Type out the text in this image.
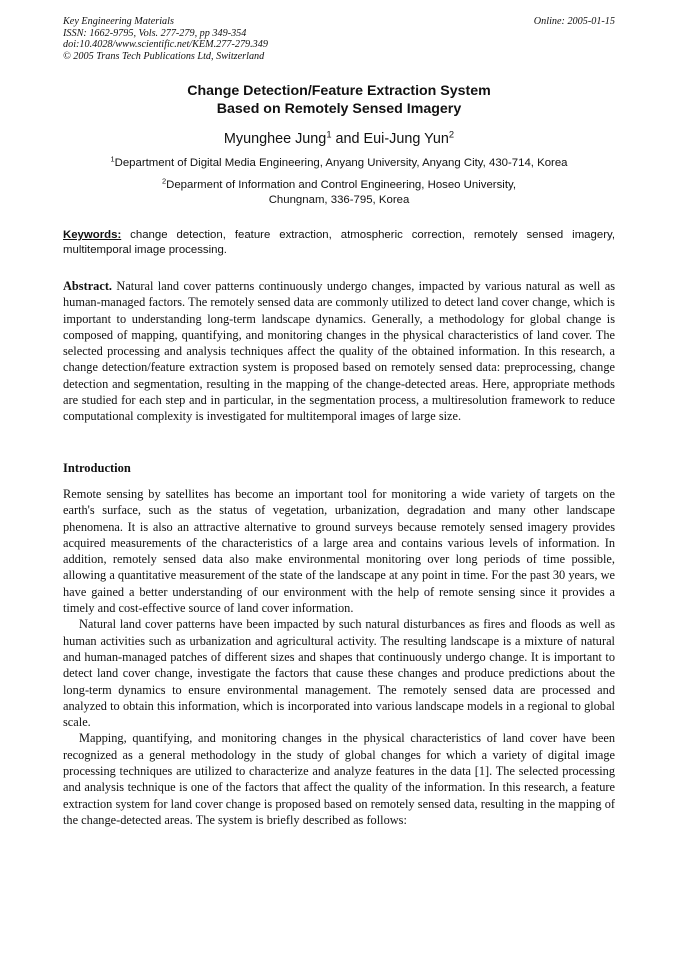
Key Engineering Materials
ISSN: 1662-9795, Vols. 277-279, pp 349-354
doi:10.4028/www.scientific.net/KEM.277-279.349
© 2005 Trans Tech Publications Ltd, Switzerland
Online: 2005-01-15
Change Detection/Feature Extraction System
Based on Remotely Sensed Imagery
Myunghee Jung$^1$ and Eui-Jung Yun$^2$
$^1$Department of Digital Media Engineering, Anyang University, Anyang City, 430-714, Korea
$^2$Deparment of Information and Control Engineering, Hoseo University,
Chungnam, 336-795, Korea
Keywords: change detection, feature extraction, atmospheric correction, remotely sensed imagery, multitemporal image processing.
Abstract. Natural land cover patterns continuously undergo changes, impacted by various natural as well as human-managed factors. The remotely sensed data are commonly utilized to detect land cover change, which is important to understanding long-term landscape dynamics. Generally, a methodology for global change is composed of mapping, quantifying, and monitoring changes in the physical characteristics of land cover. The selected processing and analysis techniques affect the quality of the obtained information. In this research, a change detection/feature extraction system is proposed based on remotely sensed data: preprocessing, change detection and segmentation, resulting in the mapping of the change-detected areas. Here, appropriate methods are studied for each step and in particular, in the segmentation process, a multiresolution framework to reduce computational complexity is investigated for multitemporal images of large size.
Introduction

Remote sensing by satellites has become an important tool for monitoring a wide variety of targets on the earth's surface, such as the status of vegetation, urbanization, degradation and many other landscape phenomena. It is also an attractive alternative to ground surveys because remotely sensed imagery provides acquired measurements of the characteristics of a large area and contains various levels of information. In addition, remotely sensed data also make environmental monitoring over long periods of time possible, allowing a quantitative measurement of the state of the landscape at any point in time. For the past 30 years, we have gained a better understanding of our environment with the help of remote sensing since it provides a timely and cost-effective source of land cover information.

Natural land cover patterns have been impacted by such natural disturbances as fires and floods as well as human activities such as urbanization and agricultural activity. The resulting landscape is a mixture of natural and human-managed patches of different sizes and shapes that continuously undergo change. It is important to detect land cover change, investigate the factors that cause these changes and produce predictions about the long-term dynamics to ensure environmental management. The remotely sensed data are processed and analyzed to obtain this information, which is incorporated into various landscape models in a regional to global scale.

Mapping, quantifying, and monitoring changes in the physical characteristics of land cover have been recognized as a general methodology in the study of global changes for which a variety of digital image processing techniques are utilized to characterize and analyze features in the data [1]. The selected processing and analysis technique is one of the factors that affect the quality of the information. In this research, a feature extraction system for land cover change is proposed based on remotely sensed data, resulting in the mapping of the change-detected areas. The system is briefly described as follows:
